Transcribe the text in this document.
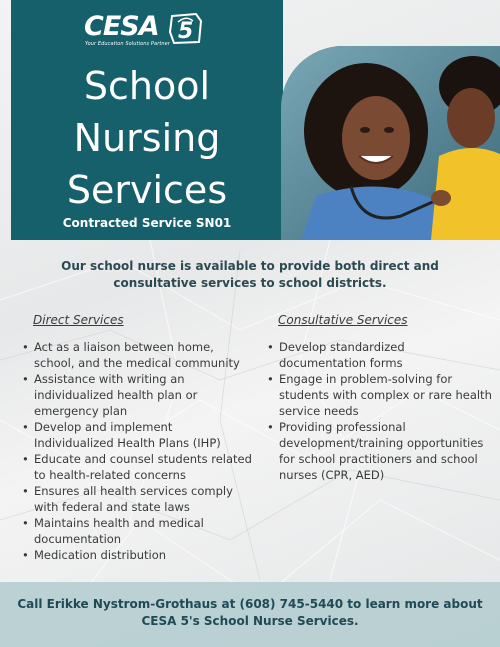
CESA 5
Your Education Solutions Partner
School
Nursing
Services
Contracted Service SN01
Our school nurse is available to provide both direct and consultative services to school districts.
Direct Services	Consultative Services
• Act as a liaison between home, school, and the medical community
• Assistance with writing an individualized health plan or emergency plan
• Develop and implement Individualized Health Plans (IHP)
• Educate and counsel students related to health-related concerns
• Ensures all health services comply with federal and state laws
• Maintains health and medical documentation
• Medication distribution
• Develop standardized documentation forms
• Engage in problem-solving for students with complex or rare health service needs
• Providing professional development/training opportunities for school practitioners and school nurses (CPR, AED)
Call Erikke Nystrom-Grothaus at (608) 745-5440 to learn more about CESA 5's School Nurse Services.
